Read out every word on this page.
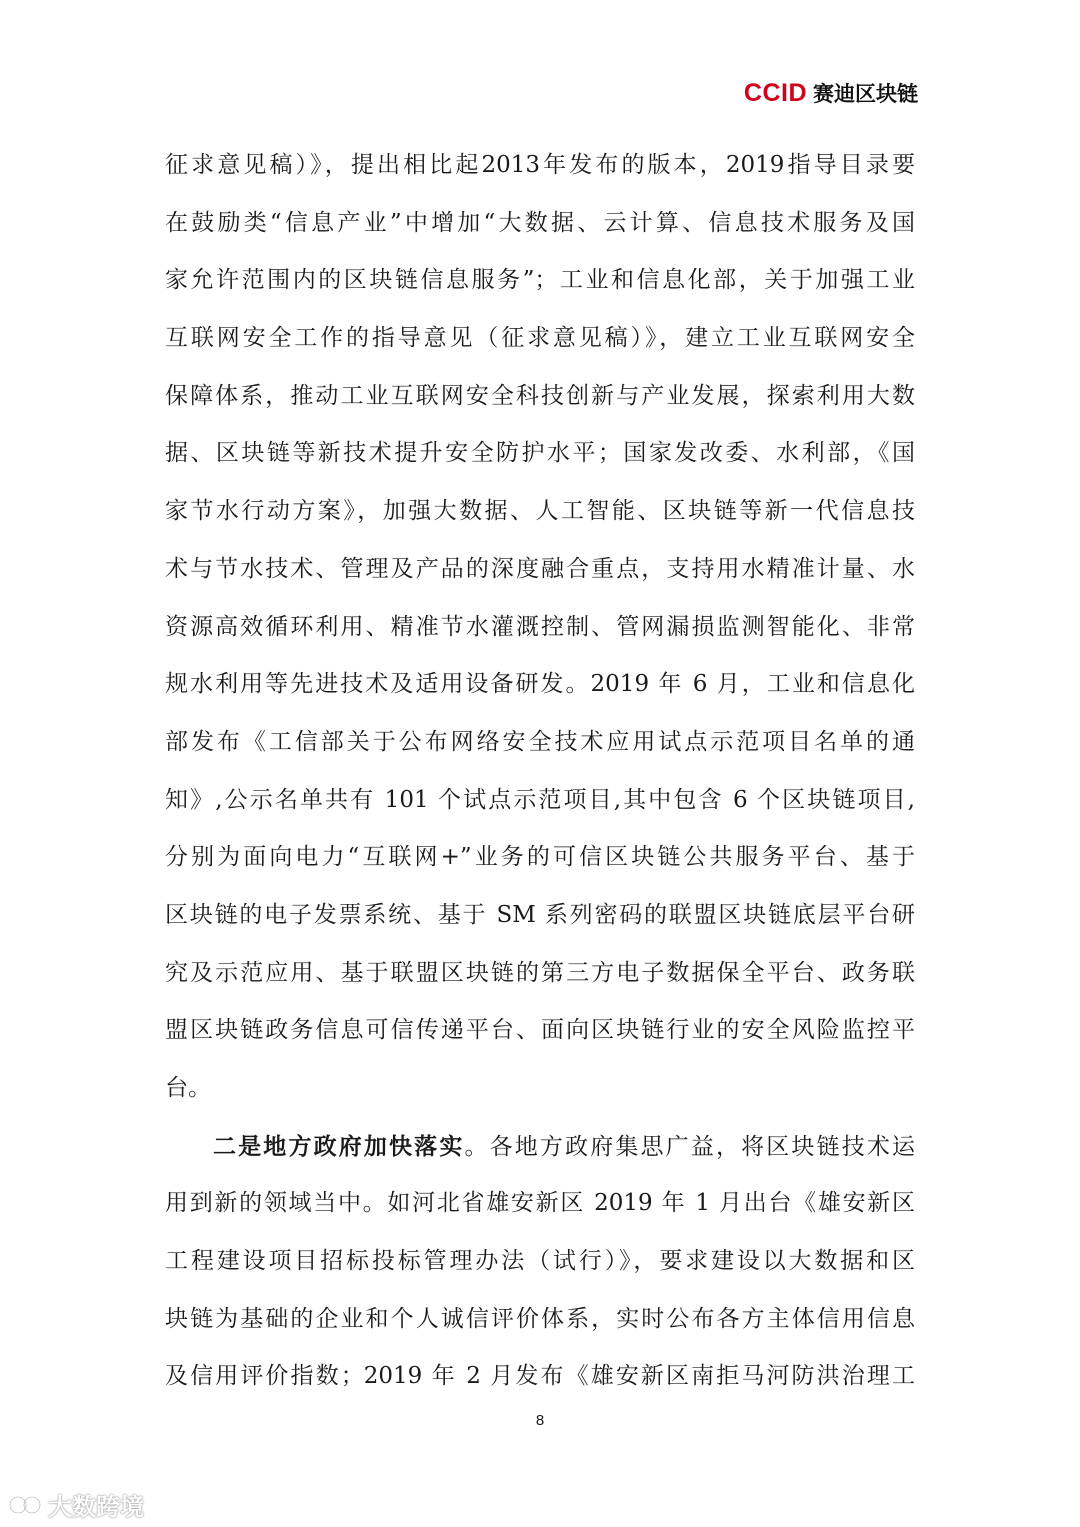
CCID 赛迪区块链
征求意见稿）》，提出相比起2013年发布的版本，2019指导目录要
在鼓励类“信息产业”中增加“大数据、云计算、信息技术服务及国
家允许范围内的区块链信息服务”；工业和信息化部，关于加强工业
互联网安全工作的指导意见（征求意见稿）》，建立工业互联网安全
保障体系，推动工业互联网安全科技创新与产业发展，探索利用大数
据、区块链等新技术提升安全防护水平；国家发改委、水利部，《国
家节水行动方案》，加强大数据、人工智能、区块链等新一代信息技
术与节水技术、管理及产品的深度融合重点，支持用水精准计量、水
资源高效循环利用、精准节水灌溉控制、管网漏损监测智能化、非常
规水利用等先进技术及适用设备研发。2019 年 6 月，工业和信息化
部发布《工信部关于公布网络安全技术应用试点示范项目名单的通
知》,公示名单共有 101 个试点示范项目,其中包含 6 个区块链项目,
分别为面向电力“互联网+”业务的可信区块链公共服务平台、基于
区块链的电子发票系统、基于 SM 系列密码的联盟区块链底层平台研
究及示范应用、基于联盟区块链的第三方电子数据保全平台、政务联
盟区块链政务信息可信传递平台、面向区块链行业的安全风险监控平
台。
二是地方政府加快落实。各地方政府集思广益，将区块链技术运
用到新的领域当中。如河北省雄安新区 2019 年 1 月出台《雄安新区
工程建设项目招标投标管理办法（试行）》，要求建设以大数据和区
块链为基础的企业和个人诚信评价体系，实时公布各方主体信用信息
及信用评价指数；2019 年 2 月发布《雄安新区南拒马河防洪治理工
8
大数跨境
